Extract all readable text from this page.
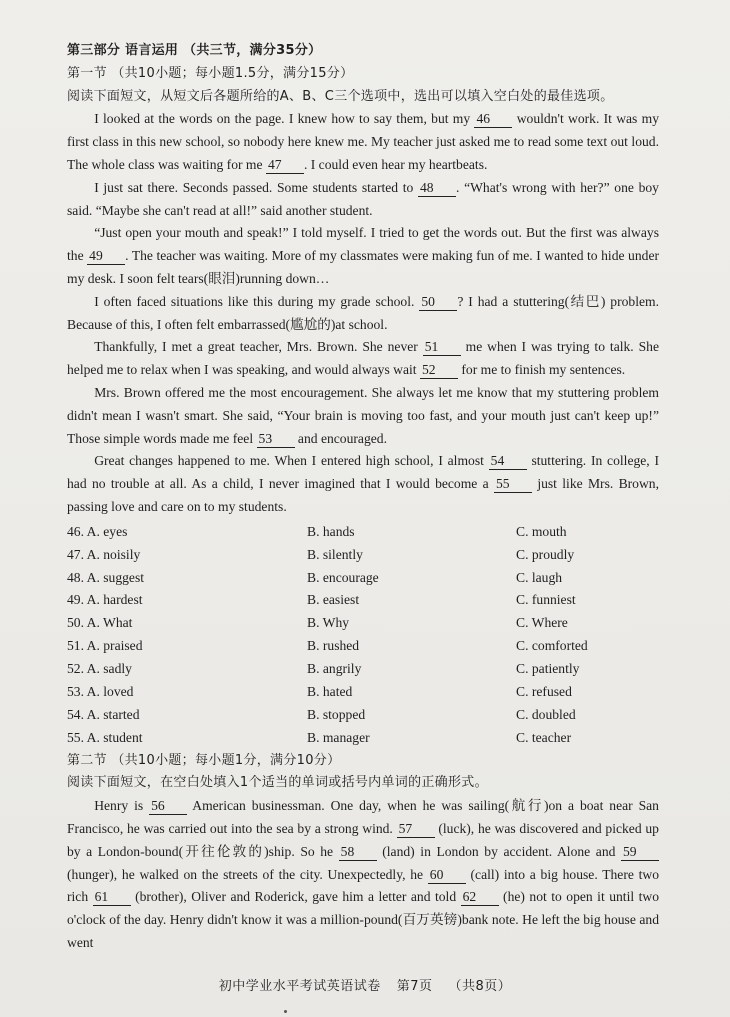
第三部分 语言运用 （共三节，满分35分）
第一节 （共10小题；每小题1.5分，满分15分）
阅读下面短文，从短文后各题所给的A、B、C三个选项中，选出可以填入空白处的最佳选项。

I looked at the words on the page. I knew how to say them, but my 46 wouldn't work. It was my first class in this new school, so nobody here knew me. My teacher just asked me to read some text out loud. The whole class was waiting for me 47 . I could even hear my heartbeats.

I just sat there. Seconds passed. Some students started to 48 . “What's wrong with her?” one boy said. “Maybe she can't read at all!” said another student.

“Just open your mouth and speak!” I told myself. I tried to get the words out. But the first was always the 49 . The teacher was waiting. More of my classmates were making fun of me. I wanted to hide under my desk. I soon felt tears(眼泪)running down…

I often faced situations like this during my grade school. 50 ? I had a stuttering(结巴) problem. Because of this, I often felt embarrassed(尴尬的)at school.

Thankfully, I met a great teacher, Mrs. Brown. She never 51 me when I was trying to talk. She helped me to relax when I was speaking, and would always wait 52 for me to finish my sentences.

Mrs. Brown offered me the most encouragement. She always let me know that my stuttering problem didn't mean I wasn't smart. She said, “Your brain is moving too fast, and your mouth just can't keep up!” Those simple words made me feel 53 and encouraged.

Great changes happened to me. When I entered high school, I almost 54 stuttering. In college, I had no trouble at all. As a child, I never imagined that I would become a 55 just like Mrs. Brown, passing love and care on to my students.

46. A. eyes	B. hands	C. mouth
47. A. noisily	B. silently	C. proudly
48. A. suggest	B. encourage	C. laugh
49. A. hardest	B. easiest	C. funniest
50. A. What	B. Why	C. Where
51. A. praised	B. rushed	C. comforted
52. A. sadly	B. angrily	C. patiently
53. A. loved	B. hated	C. refused
54. A. started	B. stopped	C. doubled
55. A. student	B. manager	C. teacher
第二节 （共10小题；每小题1分，满分10分）
阅读下面短文，在空白处填入1个适当的单词或括号内单词的正确形式。

Henry is 56 American businessman. One day, when he was sailing(航行)on a boat near San Francisco, he was carried out into the sea by a strong wind. 57 (luck), he was discovered and picked up by a London-bound(开往伦敦的)ship. So he 58 (land) in London by accident. Alone and 59 (hunger), he walked on the streets of the city. Unexpectedly, he 60 (call) into a big house. There two rich 61 (brother), Oliver and Roderick, gave him a letter and told 62 (he) not to open it until two o'clock of the day. Henry didn't know it was a million-pound(百万英镑)bank note. He left the big house and went

初中学业水平考试英语试卷 第7页 （共8页）
